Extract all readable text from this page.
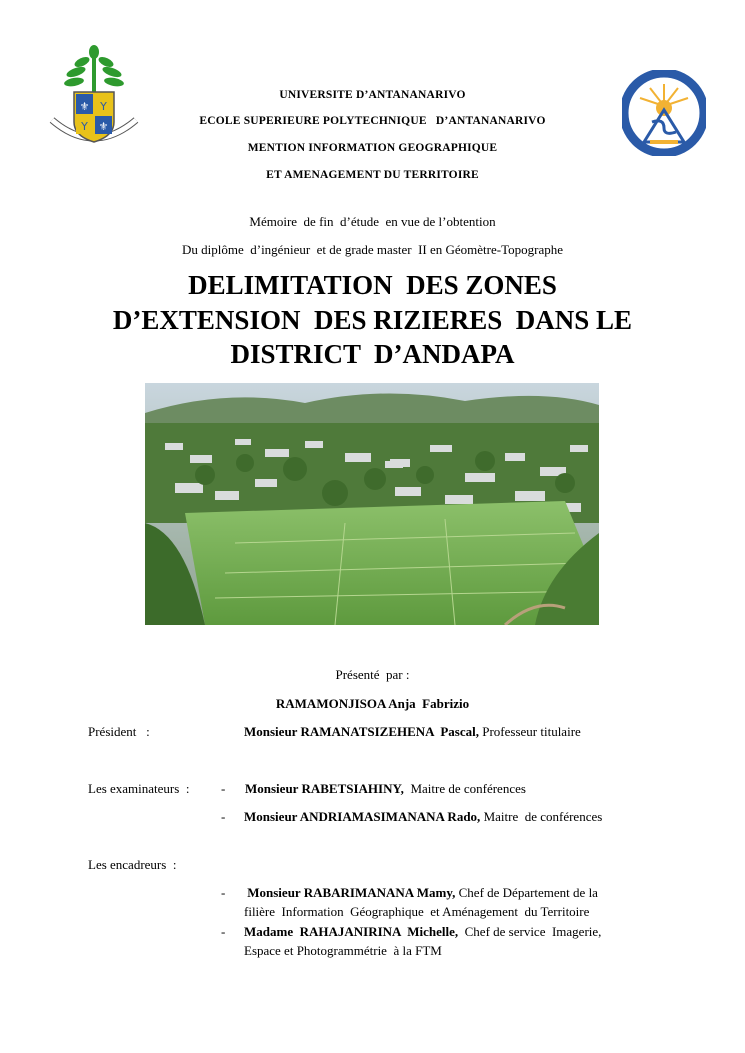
⚜ Y
Y ⚜
UNIVERSITE D’ANTANANARIVO
ECOLE SUPERIEURE POLYTECHNIQUE   D’ANTANANARIVO
MENTION INFORMATION GEOGRAPHIQUE
ET AMENAGEMENT DU TERRITOIRE
Mémoire  de fin  d’étude  en vue de l’obtention
Du diplôme  d’ingénieur  et de grade master  II en Géomètre-Topographe
DELIMITATION  DES ZONES
D’EXTENSION  DES RIZIERES  DANS LE
DISTRICT  D’ANDAPA
Présenté  par :
RAMAMONJISOA Anja  Fabrizio
Président   :	Monsieur RAMANATSIZEHENA  Pascal, Professeur titulaire
Les examinateurs  : - Monsieur RABETSIAHINY,  Maitre de conférences
- Monsieur ANDRIAMASIMANANA Rado, Maitre  de conférences
Les encadreurs  :
- Monsieur RABARIMANANA Mamy, Chef de Département de la
filière  Information  Géographique  et Aménagement  du Territoire
- Madame  RAHAJANIRINA  Michelle,  Chef de service  Imagerie,
Espace et Photogrammétrie  à la FTM
